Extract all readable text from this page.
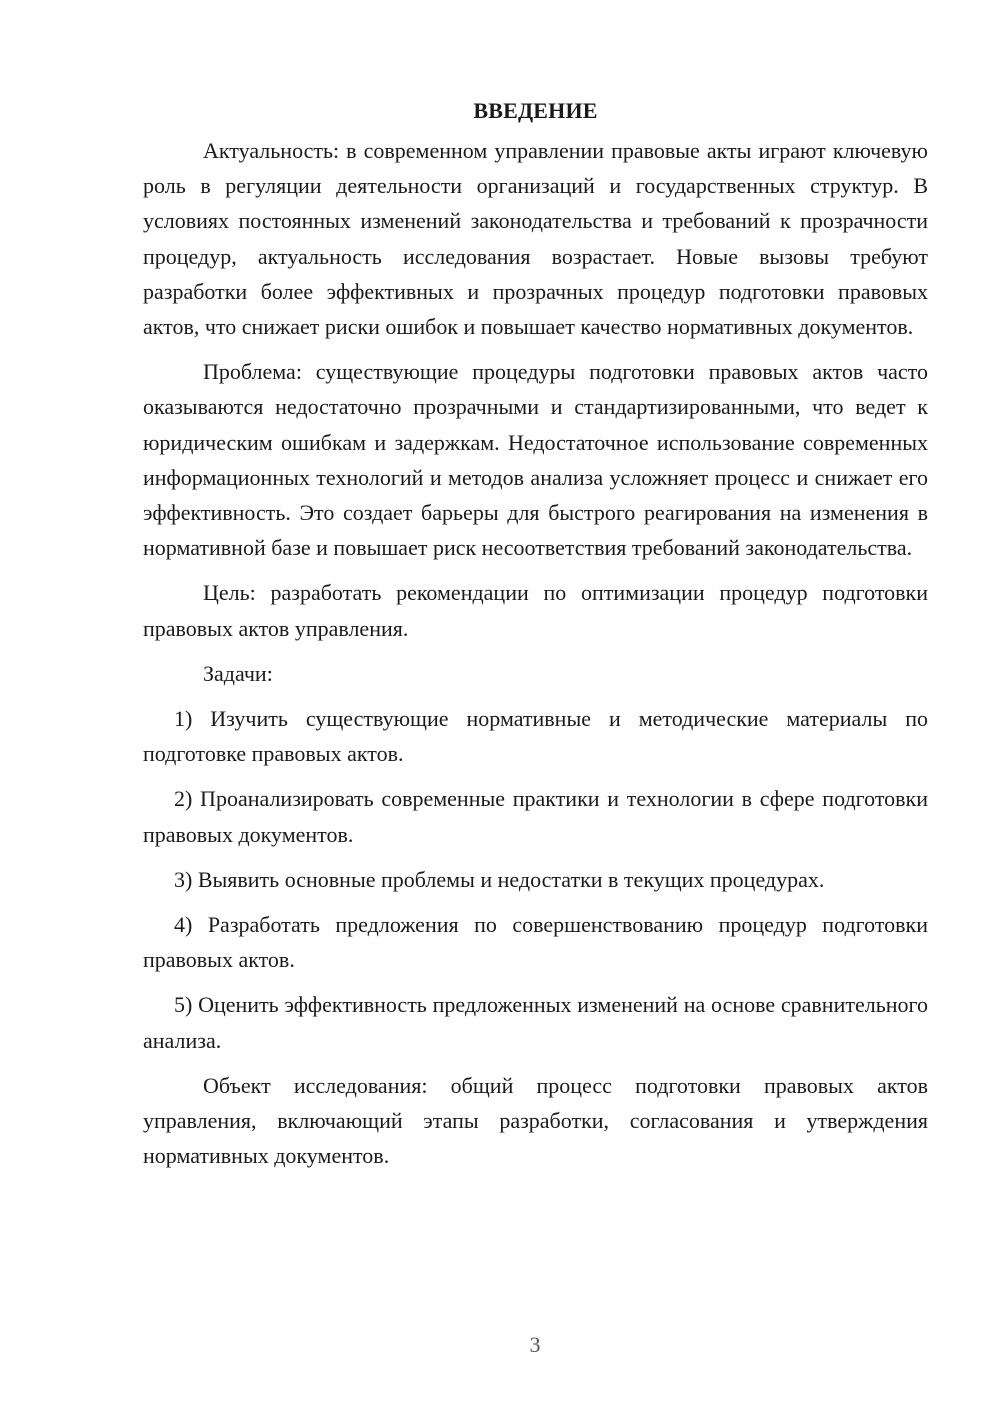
ВВЕДЕНИЕ

Актуальность: в современном управлении правовые акты играют ключевую роль в регуляции деятельности организаций и государственных структур. В условиях постоянных изменений законодательства и требований к прозрачности процедур, актуальность исследования возрастает. Новые вызовы требуют разработки более эффективных и прозрачных процедур подготовки правовых актов, что снижает риски ошибок и повышает качество нормативных документов.

Проблема: существующие процедуры подготовки правовых актов часто оказываются недостаточно прозрачными и стандартизированными, что ведет к юридическим ошибкам и задержкам. Недостаточное использование современных информационных технологий и методов анализа усложняет процесс и снижает его эффективность. Это создает барьеры для быстрого реагирования на изменения в нормативной базе и повышает риск несоответствия требований законодательства.

Цель: разработать рекомендации по оптимизации процедур подготовки правовых актов управления.

Задачи:

1) Изучить существующие нормативные и методические материалы по подготовке правовых актов.

2) Проанализировать современные практики и технологии в сфере подготовки правовых документов.

3) Выявить основные проблемы и недостатки в текущих процедурах.

4) Разработать предложения по совершенствованию процедур подготовки правовых актов.

5) Оценить эффективность предложенных изменений на основе сравнительного анализа.

Объект исследования: общий процесс подготовки правовых актов управления, включающий этапы разработки, согласования и утверждения нормативных документов.

3
